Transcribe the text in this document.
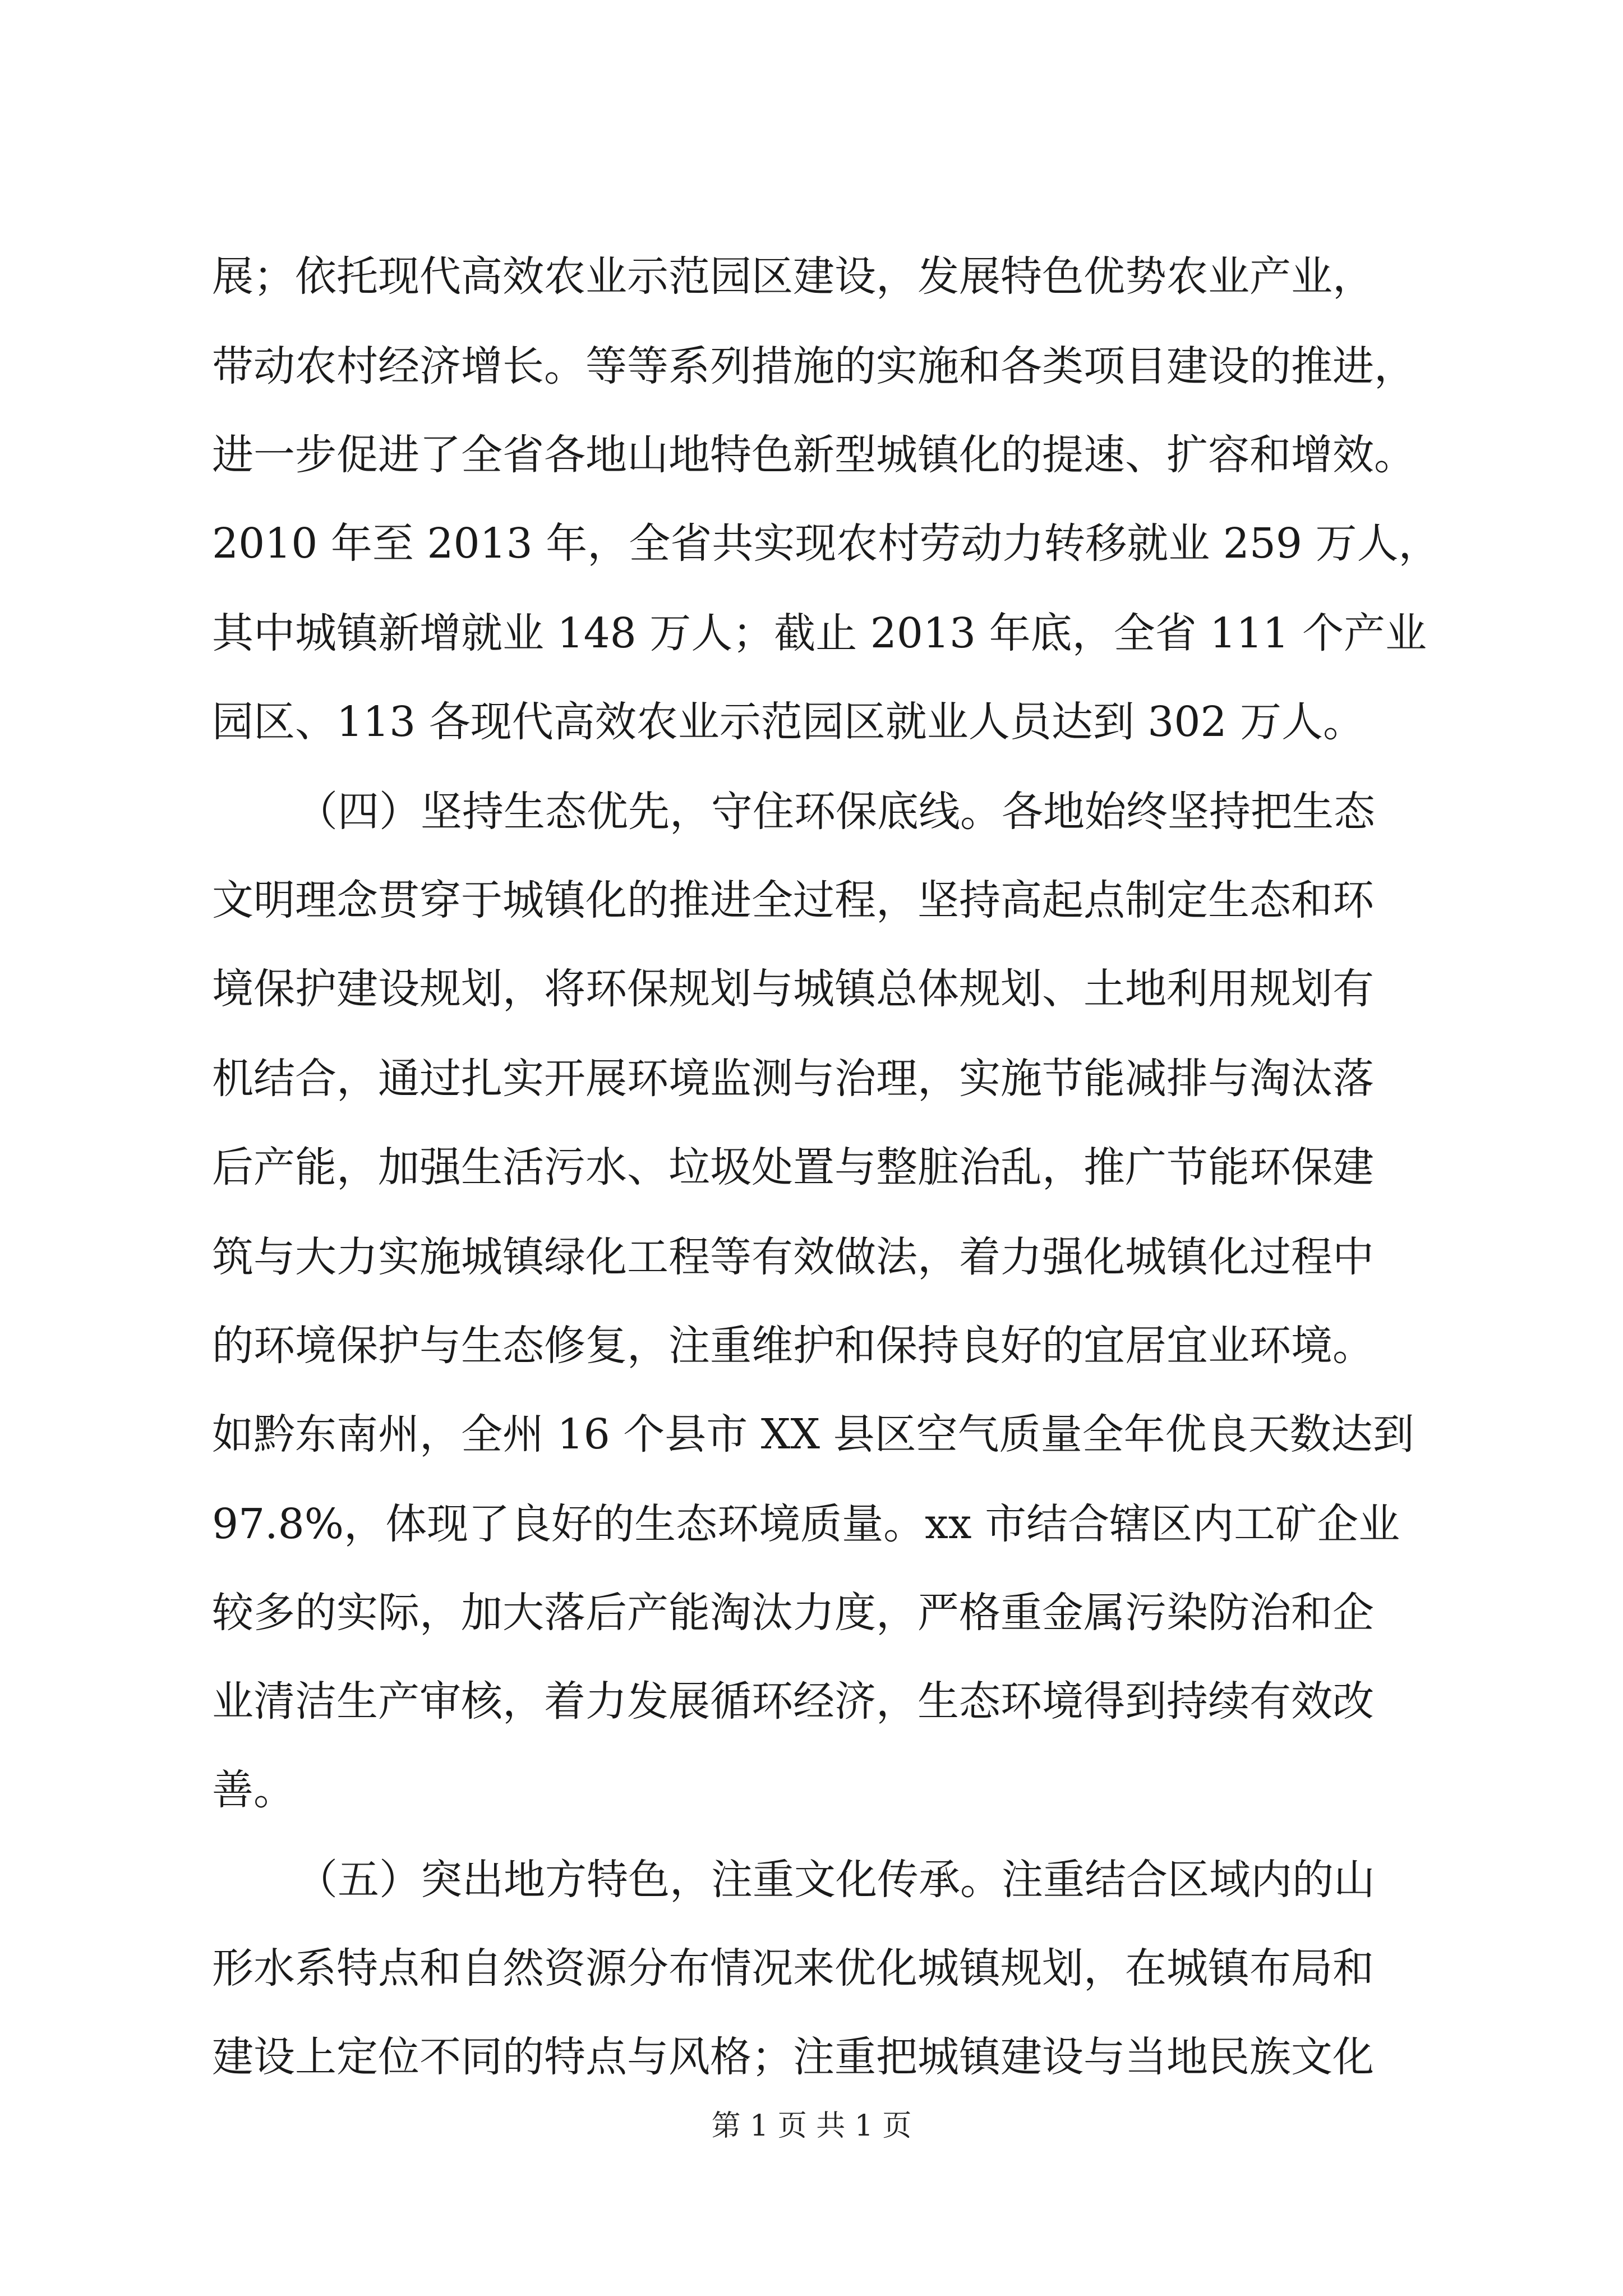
展；依托现代高效农业示范园区建设，发展特色优势农业产业，
带动农村经济增长。等等系列措施的实施和各类项目建设的推进，
进一步促进了全省各地山地特色新型城镇化的提速、扩容和增效。
2010 年至 2013 年，全省共实现农村劳动力转移就业 259 万人，
其中城镇新增就业 148 万人；截止 2013 年底，全省 111 个产业
园区、113 各现代高效农业示范园区就业人员达到 302 万人。
（四）坚持生态优先，守住环保底线。各地始终坚持把生态
文明理念贯穿于城镇化的推进全过程，坚持高起点制定生态和环
境保护建设规划，将环保规划与城镇总体规划、土地利用规划有
机结合，通过扎实开展环境监测与治理，实施节能减排与淘汰落
后产能，加强生活污水、垃圾处置与整脏治乱，推广节能环保建
筑与大力实施城镇绿化工程等有效做法，着力强化城镇化过程中
的环境保护与生态修复，注重维护和保持良好的宜居宜业环境。
如黔东南州，全州 16 个县市 XX 县区空气质量全年优良天数达到
97.8%，体现了良好的生态环境质量。xx 市结合辖区内工矿企业
较多的实际，加大落后产能淘汰力度，严格重金属污染防治和企
业清洁生产审核，着力发展循环经济，生态环境得到持续有效改
善。
（五）突出地方特色，注重文化传承。注重结合区域内的山
形水系特点和自然资源分布情况来优化城镇规划，在城镇布局和
建设上定位不同的特点与风格；注重把城镇建设与当地民族文化
第 1 页 共 1 页
